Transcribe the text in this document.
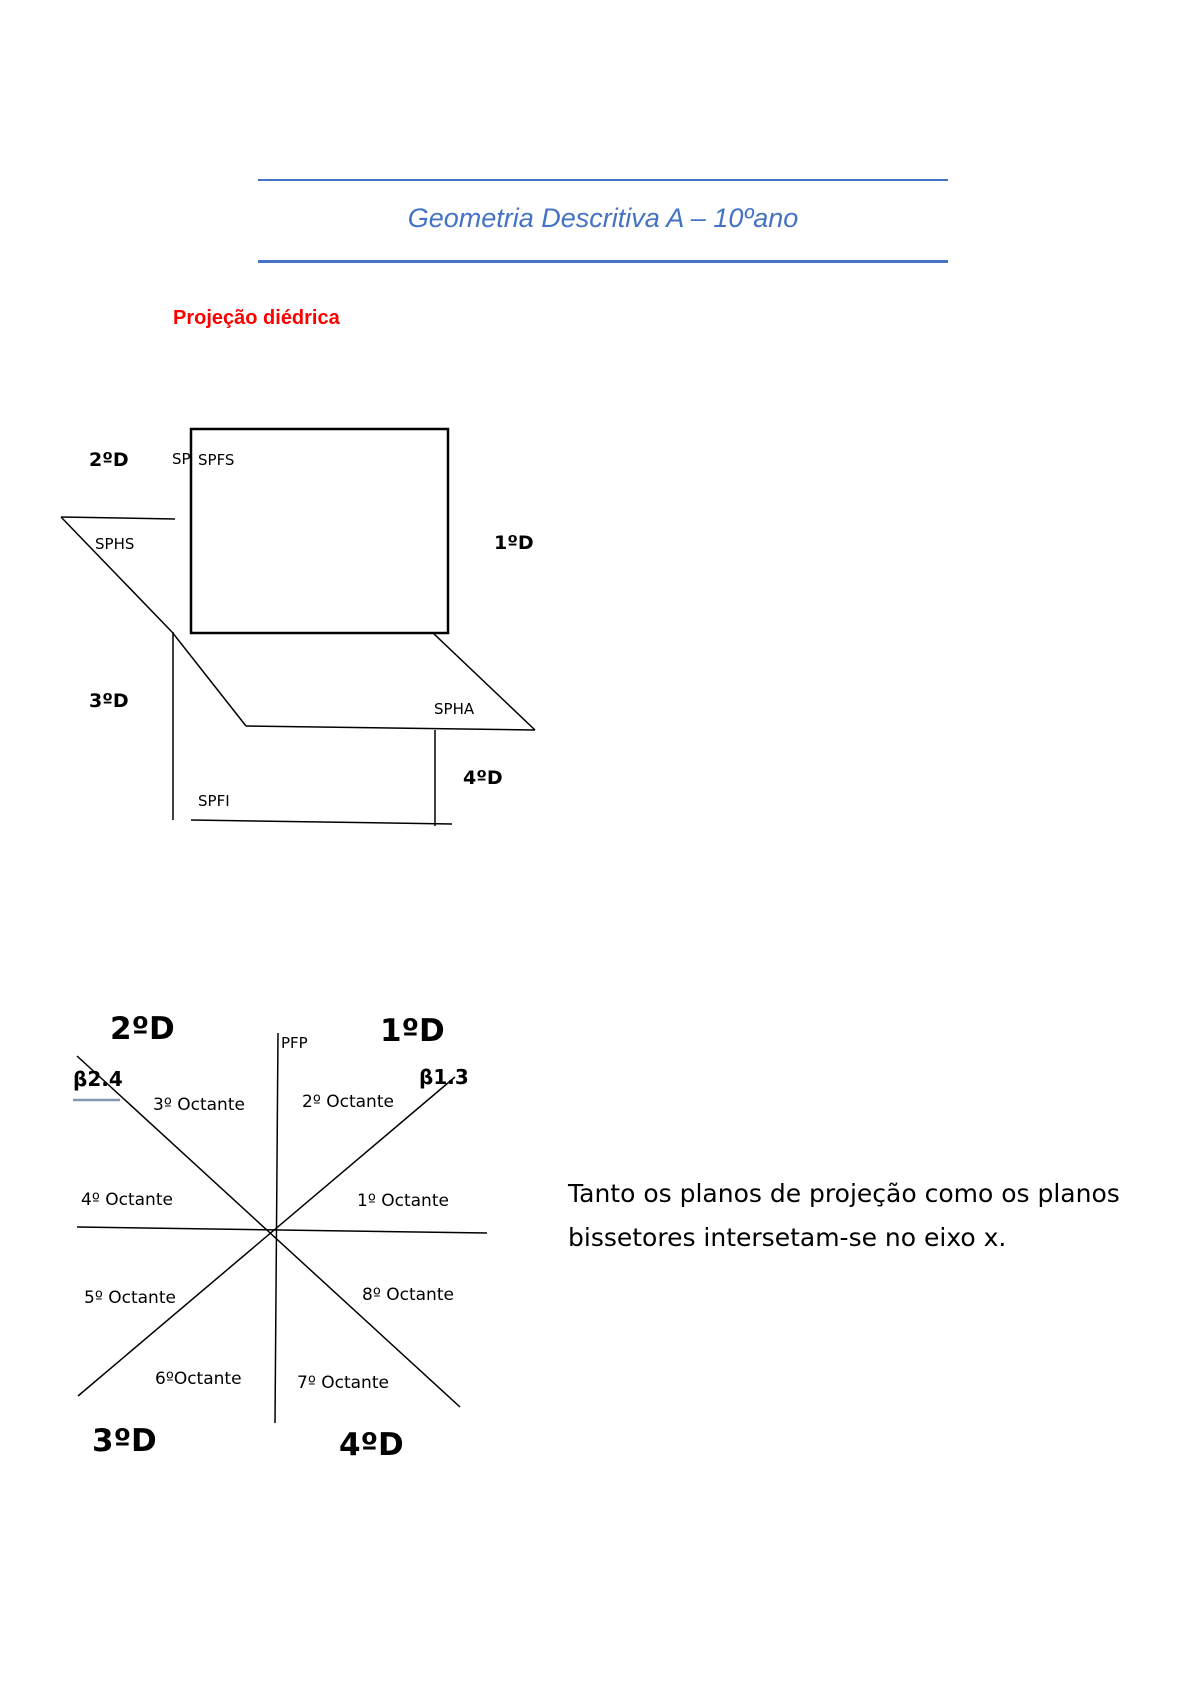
Geometria Descritiva A – 10ºano
Projeção diédrica
2ºD	SP SPFS
SPHS	1ºD
3ºD	SPHA
4ºD
SPFI
2ºD	1ºD
PFP
β2.4	β1.3
3º Octante	2º Octante
4º Octante	1º Octante
5º Octante	8º Octante
6ºOctante	7º Octante
3ºD	4ºD
Tanto os planos de projeção como os planos bissetores intersetam-se no eixo x.
